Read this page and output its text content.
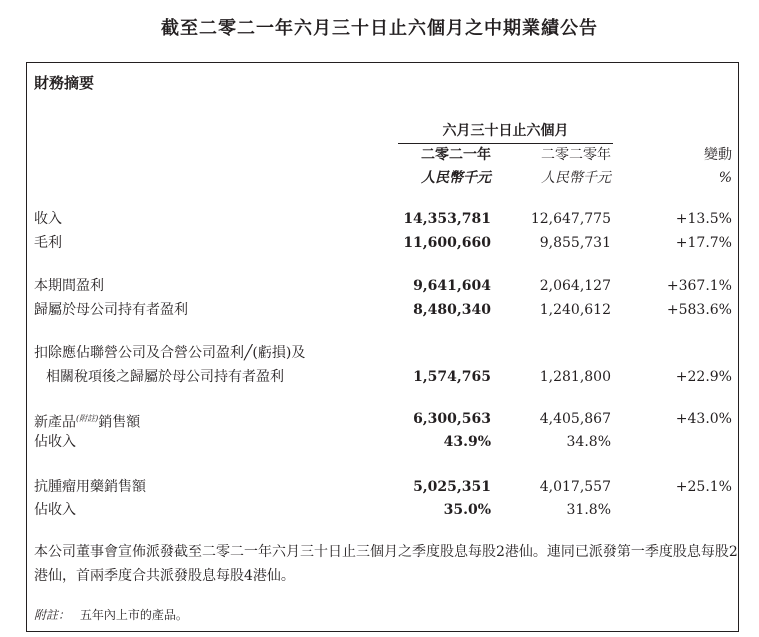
截至二零二一年六月三十日止六個月之中期業績公告
財務摘要
六月三十日止六個月
二零二一年	二零二零年	變動
人民幣千元	人民幣千元	%
收入	14,353,781	12,647,775	+13.5%
毛利	11,600,660	9,855,731	+17.7%
本期間盈利	9,641,604	2,064,127	+367.1%
歸屬於母公司持有者盈利	8,480,340	1,240,612	+583.6%
扣除應佔聯營公司及合營公司盈利╱(虧損)及
相關稅項後之歸屬於母公司持有者盈利	1,574,765	1,281,800	+22.9%
新產品$^{(附註)}$銷售額	6,300,563	4,405,867	+43.0%
佔收入	43.9%	34.8%
抗腫瘤用藥銷售額	5,025,351	4,017,557	+25.1%
佔收入	35.0%	31.8%
本公司董事會宣佈派發截至二零二一年六月三十日止三個月之季度股息每股2港仙。連同已派發第一季度股息每股2港仙，首兩季度合共派發股息每股4港仙。
附註： 五年內上市的產品。
